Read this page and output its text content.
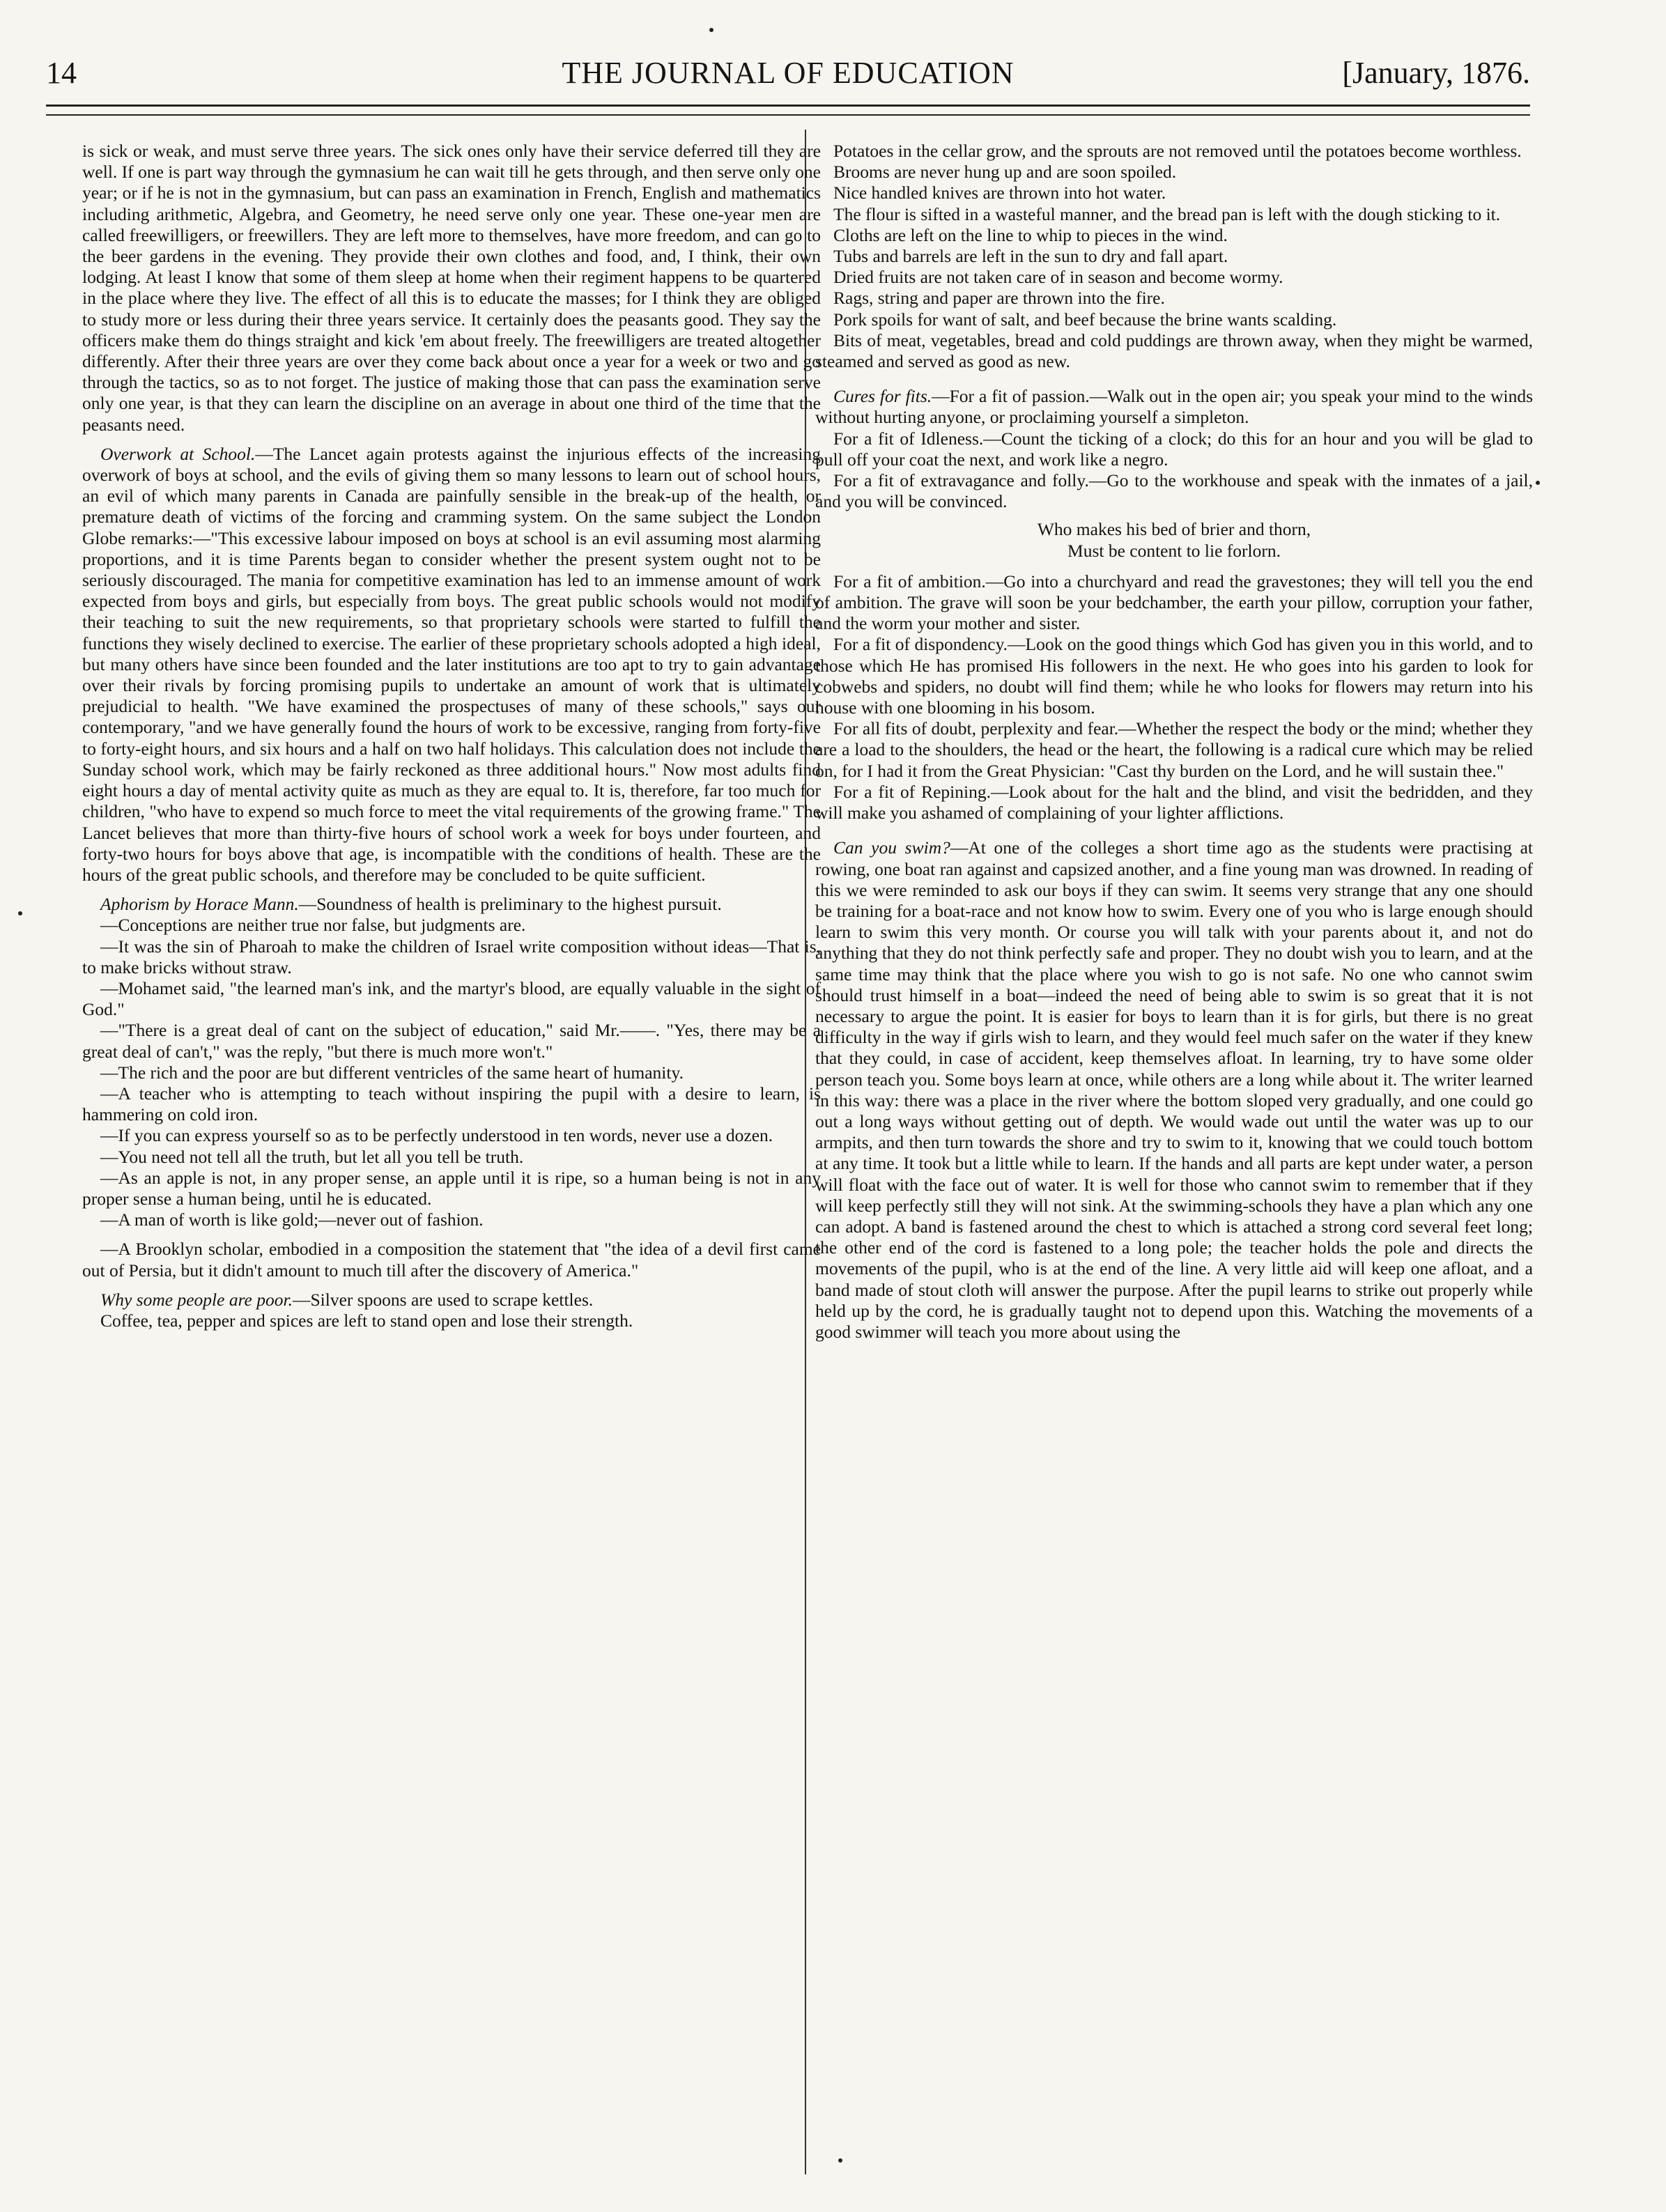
14	THE JOURNAL OF EDUCATION	[January, 1876.

is sick or weak, and must serve three years. The sick ones only have their service deferred till they are well. If one is part way through the gymnasium he can wait till he gets through, and then serve only one year; or if he is not in the gymnasium, but can pass an examination in French, English and mathematics including arithmetic, Algebra, and Geometry, he need serve only one year. These one-year men are called freewilligers, or freewillers. They are left more to themselves, have more freedom, and can go to the beer gardens in the evening. They provide their own clothes and food, and, I think, their own lodging. At least I know that some of them sleep at home when their regiment happens to be quartered in the place where they live. The effect of all this is to educate the masses; for I think they are obliged to study more or less during their three years service. It certainly does the peasants good. They say the officers make them do things straight and kick 'em about freely. The freewilligers are treated altogether differently. After their three years are over they come back about once a year for a week or two and go through the tactics, so as to not forget. The justice of making those that can pass the examination serve only one year, is that they can learn the discipline on an average in about one third of the time that the peasants need.

Overwork at School.—The Lancet again protests against the injurious effects of the increasing overwork of boys at school, and the evils of giving them so many lessons to learn out of school hours, an evil of which many parents in Canada are painfully sensible in the break-up of the health, or premature death of victims of the forcing and cramming system. On the same subject the London Globe remarks:—"This excessive labour imposed on boys at school is an evil assuming most alarming proportions, and it is time Parents began to consider whether the present system ought not to be seriously discouraged. The mania for competitive examination has led to an immense amount of work expected from boys and girls, but especially from boys. The great public schools would not modify their teaching to suit the new requirements, so that proprietary schools were started to fulfill the functions they wisely declined to exercise. The earlier of these proprietary schools adopted a high ideal, but many others have since been founded and the later institutions are too apt to try to gain advantage over their rivals by forcing promising pupils to undertake an amount of work that is ultimately prejudicial to health. "We have examined the prospectuses of many of these schools," says our contemporary, "and we have generally found the hours of work to be excessive, ranging from forty-five to forty-eight hours, and six hours and a half on two half holidays. This calculation does not include the Sunday school work, which may be fairly reckoned as three additional hours." Now most adults find eight hours a day of mental activity quite as much as they are equal to. It is, therefore, far too much for children, "who have to expend so much force to meet the vital requirements of the growing frame." The Lancet believes that more than thirty-five hours of school work a week for boys under fourteen, and forty-two hours for boys above that age, is incompatible with the conditions of health. These are the hours of the great public schools, and therefore may be concluded to be quite sufficient.

Aphorism by Horace Mann.—Soundness of health is preliminary to the highest pursuit.

—Conceptions are neither true nor false, but judgments are.

—It was the sin of Pharoah to make the children of Israel write composition without ideas—That is, to make bricks without straw.

—Mohamet said, "the learned man's ink, and the martyr's blood, are equally valuable in the sight of God."

—"There is a great deal of cant on the subject of education," said Mr.——. "Yes, there may be a great deal of can't," was the reply, "but there is much more won't."

—The rich and the poor are but different ventricles of the same heart of humanity.

—A teacher who is attempting to teach without inspiring the pupil with a desire to learn, is hammering on cold iron.

—If you can express yourself so as to be perfectly understood in ten words, never use a dozen.

—You need not tell all the truth, but let all you tell be truth.

—As an apple is not, in any proper sense, an apple until it is ripe, so a human being is not in any proper sense a human being, until he is educated.

—A man of worth is like gold;—never out of fashion.

—A Brooklyn scholar, embodied in a composition the statement that "the idea of a devil first came out of Persia, but it didn't amount to much till after the discovery of America."

Why some people are poor.—Silver spoons are used to scrape kettles.

Coffee, tea, pepper and spices are left to stand open and lose their strength.

Potatoes in the cellar grow, and the sprouts are not removed until the potatoes become worthless.

Brooms are never hung up and are soon spoiled.

Nice handled knives are thrown into hot water.

The flour is sifted in a wasteful manner, and the bread pan is left with the dough sticking to it.

Cloths are left on the line to whip to pieces in the wind.

Tubs and barrels are left in the sun to dry and fall apart.

Dried fruits are not taken care of in season and become wormy.

Rags, string and paper are thrown into the fire.

Pork spoils for want of salt, and beef because the brine wants scalding.

Bits of meat, vegetables, bread and cold puddings are thrown away, when they might be warmed, steamed and served as good as new.

Cures for fits.—For a fit of passion.—Walk out in the open air; you speak your mind to the winds without hurting anyone, or proclaiming yourself a simpleton.

For a fit of Idleness.—Count the ticking of a clock; do this for an hour and you will be glad to pull off your coat the next, and work like a negro.

For a fit of extravagance and folly.—Go to the workhouse and speak with the inmates of a jail, and you will be convinced.

Who makes his bed of brier and thorn,
Must be content to lie forlorn.

For a fit of ambition.—Go into a churchyard and read the gravestones; they will tell you the end of ambition. The grave will soon be your bedchamber, the earth your pillow, corruption your father, and the worm your mother and sister.

For a fit of dispondency.—Look on the good things which God has given you in this world, and to those which He has promised His followers in the next. He who goes into his garden to look for cobwebs and spiders, no doubt will find them; while he who looks for flowers may return into his house with one blooming in his bosom.

For all fits of doubt, perplexity and fear.—Whether the respect the body or the mind; whether they are a load to the shoulders, the head or the heart, the following is a radical cure which may be relied on, for I had it from the Great Physician: "Cast thy burden on the Lord, and he will sustain thee."

For a fit of Repining.—Look about for the halt and the blind, and visit the bedridden, and they will make you ashamed of complaining of your lighter afflictions.

Can you swim?—At one of the colleges a short time ago as the students were practising at rowing, one boat ran against and capsized another, and a fine young man was drowned. In reading of this we were reminded to ask our boys if they can swim. It seems very strange that any one should be training for a boat-race and not know how to swim. Every one of you who is large enough should learn to swim this very month. Or course you will talk with your parents about it, and not do anything that they do not think perfectly safe and proper. They no doubt wish you to learn, and at the same time may think that the place where you wish to go is not safe. No one who cannot swim should trust himself in a boat—indeed the need of being able to swim is so great that it is not necessary to argue the point. It is easier for boys to learn than it is for girls, but there is no great difficulty in the way if girls wish to learn, and they would feel much safer on the water if they knew that they could, in case of accident, keep themselves afloat. In learning, try to have some older person teach you. Some boys learn at once, while others are a long while about it. The writer learned in this way: there was a place in the river where the bottom sloped very gradually, and one could go out a long ways without getting out of depth. We would wade out until the water was up to our armpits, and then turn towards the shore and try to swim to it, knowing that we could touch bottom at any time. It took but a little while to learn. If the hands and all parts are kept under water, a person will float with the face out of water. It is well for those who cannot swim to remember that if they will keep perfectly still they will not sink. At the swimming-schools they have a plan which any one can adopt. A band is fastened around the chest to which is attached a strong cord several feet long; the other end of the cord is fastened to a long pole; the teacher holds the pole and directs the movements of the pupil, who is at the end of the line. A very little aid will keep one afloat, and a band made of stout cloth will answer the purpose. After the pupil learns to strike out properly while held up by the cord, he is gradually taught not to depend upon this. Watching the movements of a good swimmer will teach you more about using the
